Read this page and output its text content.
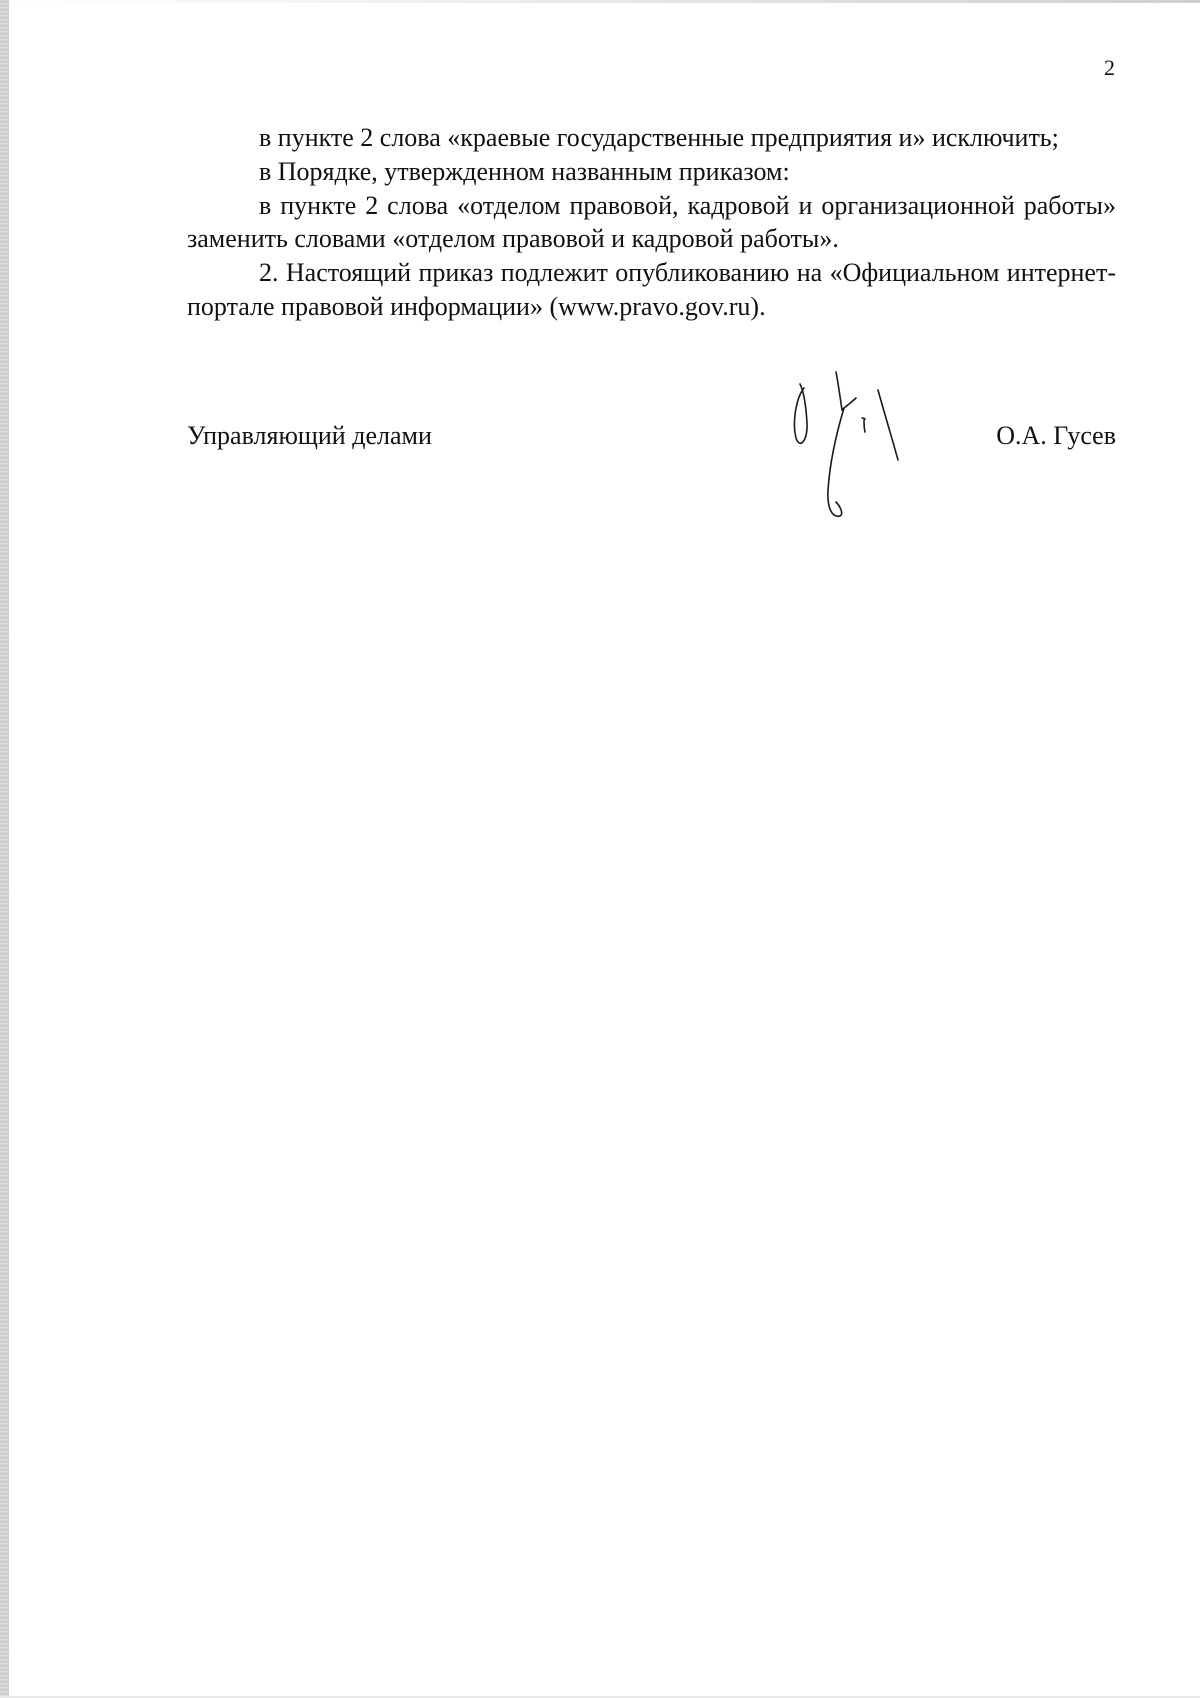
2

в пункте 2 слова «краевые государственные предприятия и» исключить;

в Порядке, утвержденном названным приказом:

в пункте 2 слова «отделом правовой, кадровой и организационной работы» заменить словами «отделом правовой и кадровой работы».

2. Настоящий приказ подлежит опубликованию на «Официальном интернет-портале правовой информации» (www.pravo.gov.ru).

Управляющий делами	О.А. Гусев
